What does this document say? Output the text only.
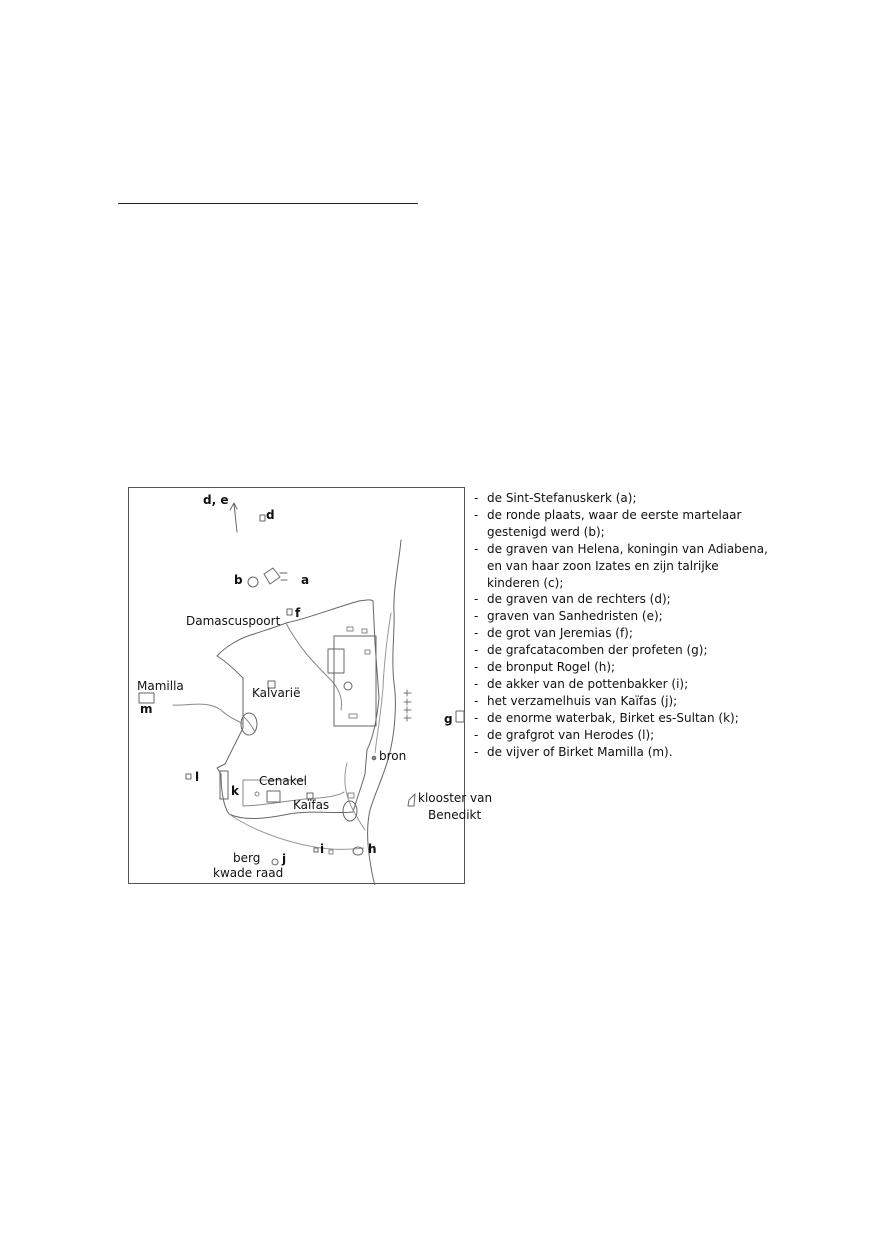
d, e
d
b	a
f
Damascuspoort
Mamilla
m
Kalvarië
g
bron
l
k
Cenakel
Kaïfas	klooster van
Benedikt
i	h
berg j
kwade raad
- de Sint-Stefanuskerk (a);
- de ronde plaats, waar de eerste martelaar gestenigd werd (b);
- de graven van Helena, koningin van Adiabena, en van haar zoon Izates en zijn talrijke kinderen (c);
- de graven van de rechters (d);
- graven van Sanhedristen (e);
- de grot van Jeremias (f);
- de grafcatacomben der profeten (g);
- de bronput Rogel (h);
- de akker van de pottenbakker (i);
- het verzamelhuis van Kaïfas (j);
- de enorme waterbak, Birket es-Sultan (k);
- de grafgrot van Herodes (l);
- de vijver of Birket Mamilla (m).
